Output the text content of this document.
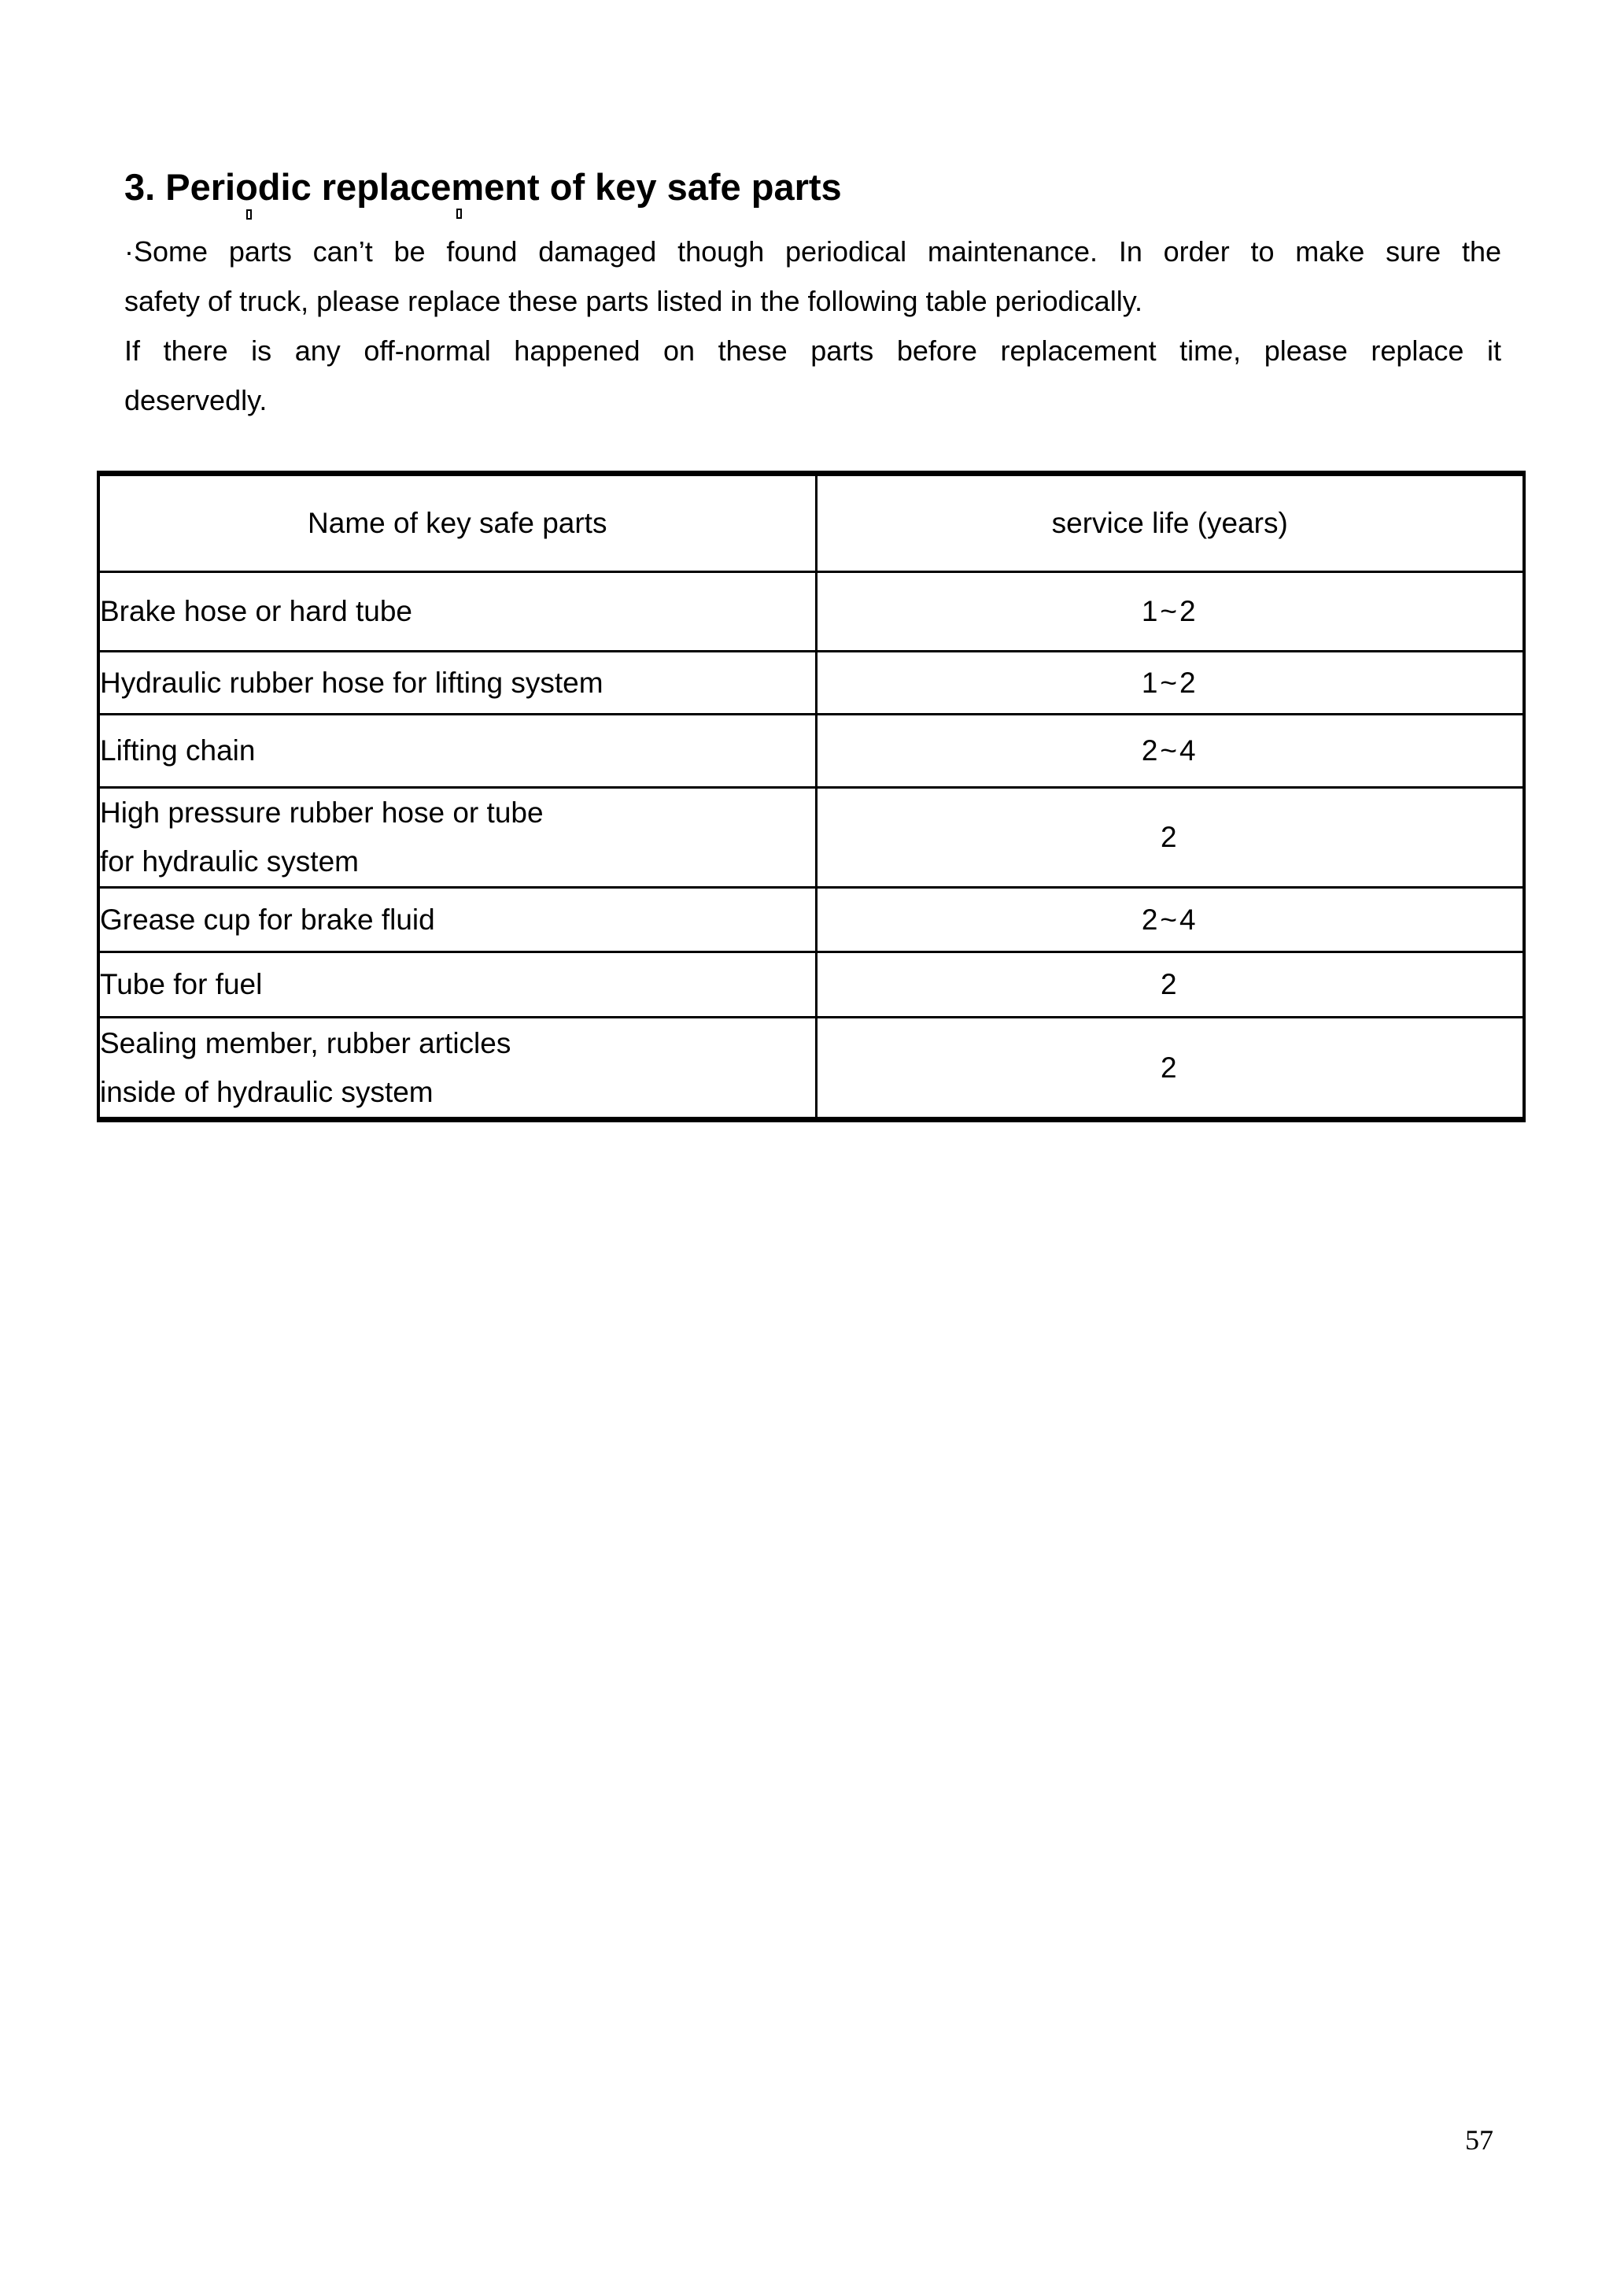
3. Periodic replacement of key safe parts
·Some parts can’t be found damaged though periodical maintenance. In order to make sure the
safety of truck, please replace these parts listed in the following table periodically.
If there is any off-normal happened on these parts before replacement time, please replace it
deservedly.
Name of key safe parts	service life (years)

Brake hose or hard tube	1~2

Hydraulic rubber hose for lifting system	1~2

Lifting chain	2~4

High pressure rubber hose or tube
for hydraulic system	2

Grease cup for brake fluid	2~4

Tube for fuel	2

Sealing member, rubber articles
inside of hydraulic system	2
57
